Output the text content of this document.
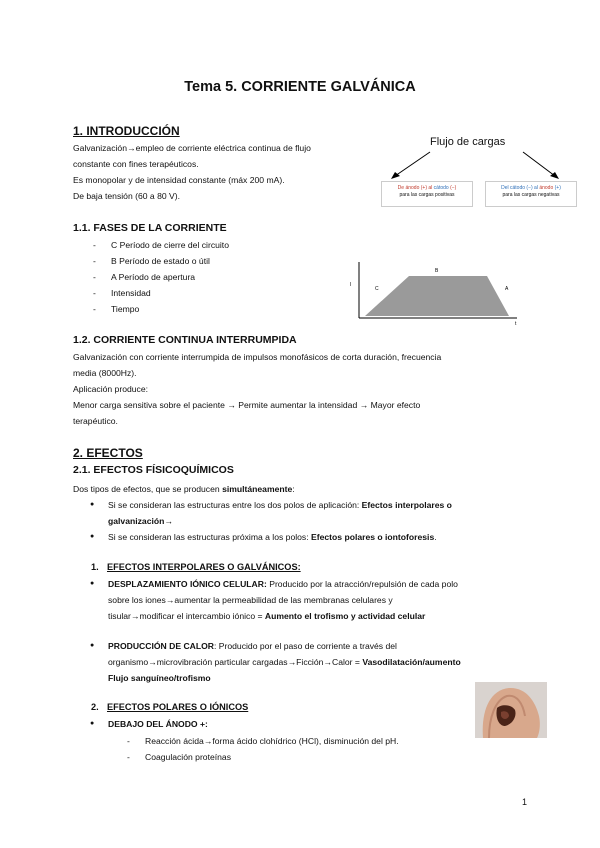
Tema 5. CORRIENTE GALVÁNICA
1. INTRODUCCIÓN
Galvanización→empleo de corriente eléctrica continua de flujo
constante con fines terapéuticos.
Es monopolar y de intensidad constante (máx 200 mA).
De baja tensión (60 a 80 V).
Flujo de cargas
De ánodo (+) al cátodo (−)
para las cargas positivas
Del cátodo (−) al ánodo (+)
para las cargas negativas
1.1. FASES DE LA CORRIENTE
- C Período de cierre del circuito
- B Período de estado o útil
- A Período de apertura
- Intensidad
- Tiempo
B
C	A
I
t
1.2. CORRIENTE CONTINUA INTERRUMPIDA
Galvanización con corriente interrumpida de impulsos monofásicos de corta duración, frecuencia
media (8000Hz).
Aplicación produce:
Menor carga sensitiva sobre el paciente → Permite aumentar la intensidad → Mayor efecto
terapéutico.
2. EFECTOS
2.1. EFECTOS FÍSICOQUÍMICOS
Dos tipos de efectos, que se producen simultáneamente:
● Si se consideran las estructuras entre los dos polos de aplicación: Efectos interpolares o
galvanización→
● Si se consideran las estructuras próxima a los polos: Efectos polares o iontoforesis.
1. EFECTOS INTERPOLARES O GALVÁNICOS:
● DESPLAZAMIENTO IÓNICO CELULAR: Producido por la atracción/repulsión de cada polo
sobre los iones→aumentar la permeabilidad de las membranas celulares y
tisular→modificar el intercambio iónico = Aumento el trofismo y actividad celular
● PRODUCCIÓN DE CALOR: Producido por el paso de corriente a través del
organismo→microvibración particular cargadas→Ficción→Calor = Vasodilatación/aumento
Flujo sanguíneo/trofismo
2. EFECTOS POLARES O IÓNICOS
● DEBAJO DEL ÁNODO +:
- Reacción ácida→forma ácido clohídrico (HCl), disminución del pH.
- Coagulación proteínas
1
